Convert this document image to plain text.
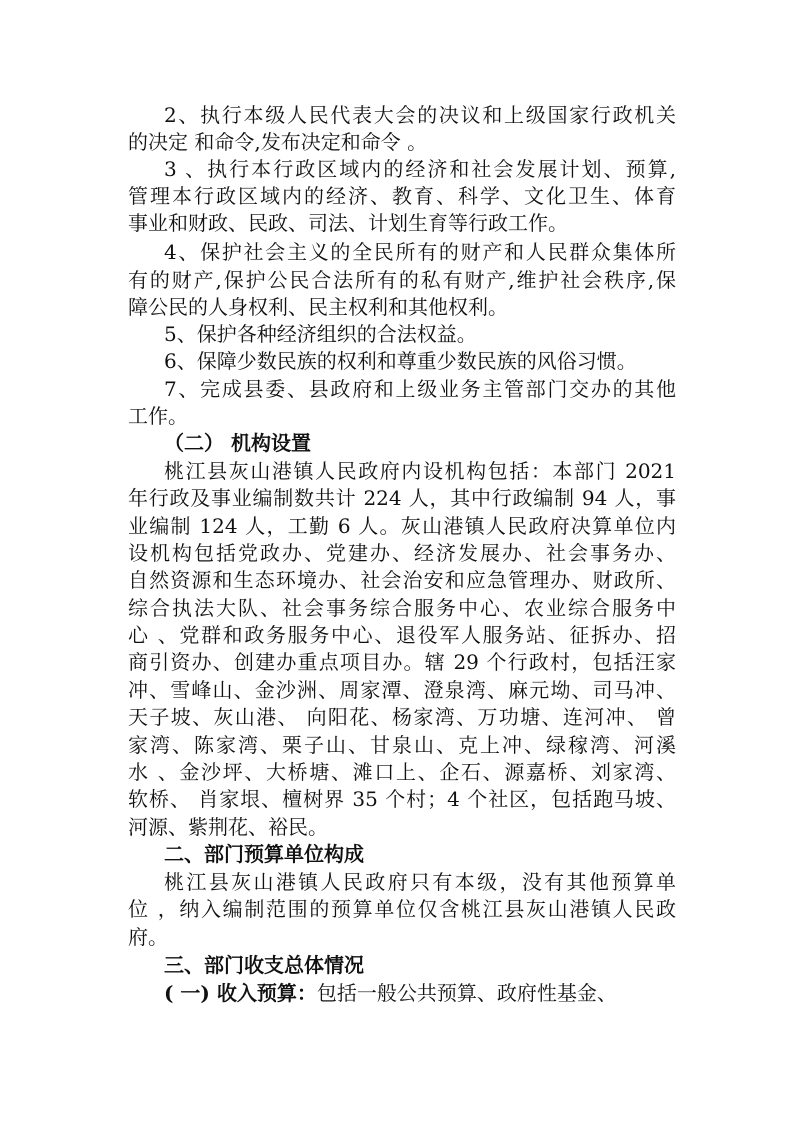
2、执行本级人民代表大会的决议和上级国家行政机关
的决定 和命令,发布决定和命令 。
3 、执行本行政区域内的经济和社会发展计划、预算,
管理本行政区域内的经济、教育、科学、文化卫生、体育
事业和财政、民政、司法、计划生育等行政工作。
4、保护社会主义的全民所有的财产和人民群众集体所
有的财产,保护公民合法所有的私有财产,维护社会秩序,保
障公民的人身权利、民主权利和其他权利。
5、保护各种经济组织的合法权益。
6、保障少数民族的权利和尊重少数民族的风俗习惯。
7、完成县委、县政府和上级业务主管部门交办的其他
工作。
（二） 机构设置
桃江县灰山港镇人民政府内设机构包括：本部门 2021
年行政及事业编制数共计 224 人，其中行政编制 94 人，事
业编制 124 人，工勤 6 人。灰山港镇人民政府决算单位内
设机构包括党政办、党建办、经济发展办、社会事务办、
自然资源和生态环境办、社会治安和应急管理办、财政所、
综合执法大队、社会事务综合服务中心、农业综合服务中
心 、党群和政务服务中心、退役军人服务站、征拆办、招
商引资办、创建办重点项目办。辖 29 个行政村，包括汪家
冲、雪峰山、金沙洲、周家潭、澄泉湾、麻元坳、司马冲、
天子坡、灰山港、 向阳花、杨家湾、万功塘、连河冲、 曾
家湾、陈家湾、栗子山、甘泉山、克上冲、绿稼湾、河溪
水 、金沙坪、大桥塘、滩口上、企石、源嘉桥、刘家湾、
软桥、 肖家垠、檀树界 35 个村；4 个社区，包括跑马坡、
河源、紫荆花、裕民。
二、部门预算单位构成
桃江县灰山港镇人民政府只有本级，没有其他预算单
位 ，纳入编制范围的预算单位仅含桃江县灰山港镇人民政
府。
三、部门收支总体情况
( 一) 收入预算：包括一般公共预算、政府性基金、
